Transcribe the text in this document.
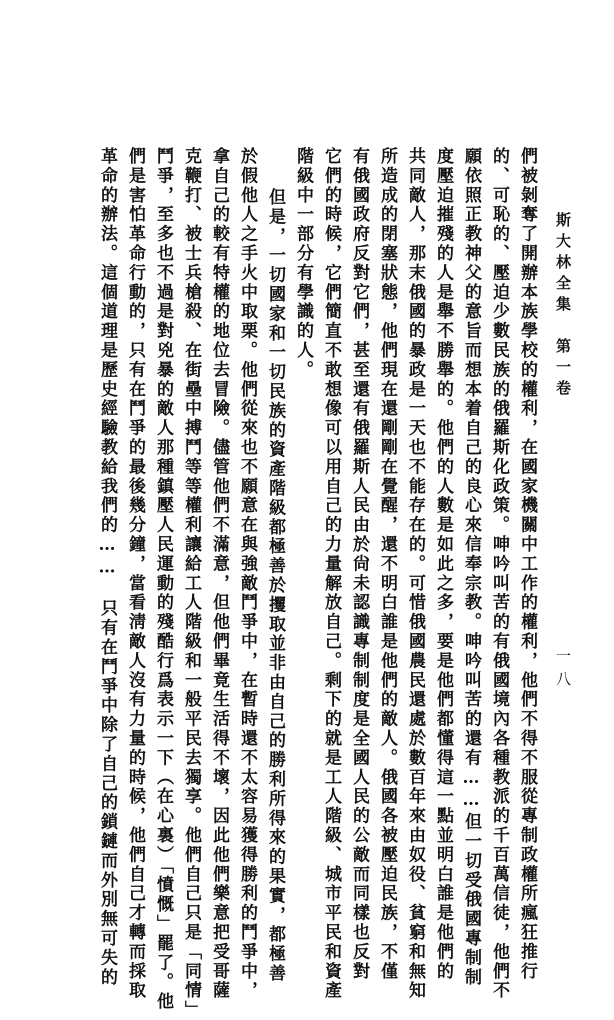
斯大林全集　第一卷
們被剝奪了開辦本族學校的權利，在國家機關中工作的權利，他們不得不服從專制政權所瘋狂推行
的、可恥的、壓迫少數民族的俄羅斯化政策。呻吟叫苦的有俄國境內各種教派的千百萬信徒，他們不
願依照正教神父的意旨而想本着自己的良心來信奉宗教。呻吟叫苦的還有……但一切受俄國專制制
度壓迫摧殘的人是舉不勝舉的。他們的人數是如此之多，要是他們都懂得這一點並明白誰是他們的
共同敵人，那末俄國的暴政是一天也不能存在的。可惜俄國農民還處於數百年來由奴役、貧窮和無知
所造成的閉塞狀態，他們現在還剛剛在覺醒，還不明白誰是他們的敵人。俄國各被壓迫民族，不僅
有俄國政府反對它們，甚至還有俄羅斯人民由於尙未認識專制制度是全國人民的公敵而同樣也反對
它們的時候，它們簡直不敢想像可以用自己的力量解放自己。剩下的就是工人階級、城市平民和資產
階級中一部分有學識的人。
但是，一切國家和一切民族的資產階級都極善於攫取並非由自己的勝利所得來的果實，都極善
於假他人之手火中取栗。他們從來也不願意在與強敵鬥爭中，在暫時還不太容易獲得勝利的鬥爭中，
拿自己的較有特權的地位去冒險。儘管他們不滿意，但他們畢竟生活得不壞，因此他們樂意把受哥薩
克鞭打、被士兵槍殺、在街壘中搏鬥等等權利讓給工人階級和一般平民去獨享。他們自己只是「同情」
鬥爭，至多也不過是對兇暴的敵人那種鎮壓人民運動的殘酷行爲表示一下（在心裏）「憤慨」罷了。他
們是害怕革命行動的，只有在鬥爭的最後幾分鐘，當看淸敵人沒有力量的時候，他們自己才轉而採取
革命的辦法。這個道理是歷史經驗教給我們的……　只有在鬥爭中除了自己的鎖鏈而外別無可失的	一八
